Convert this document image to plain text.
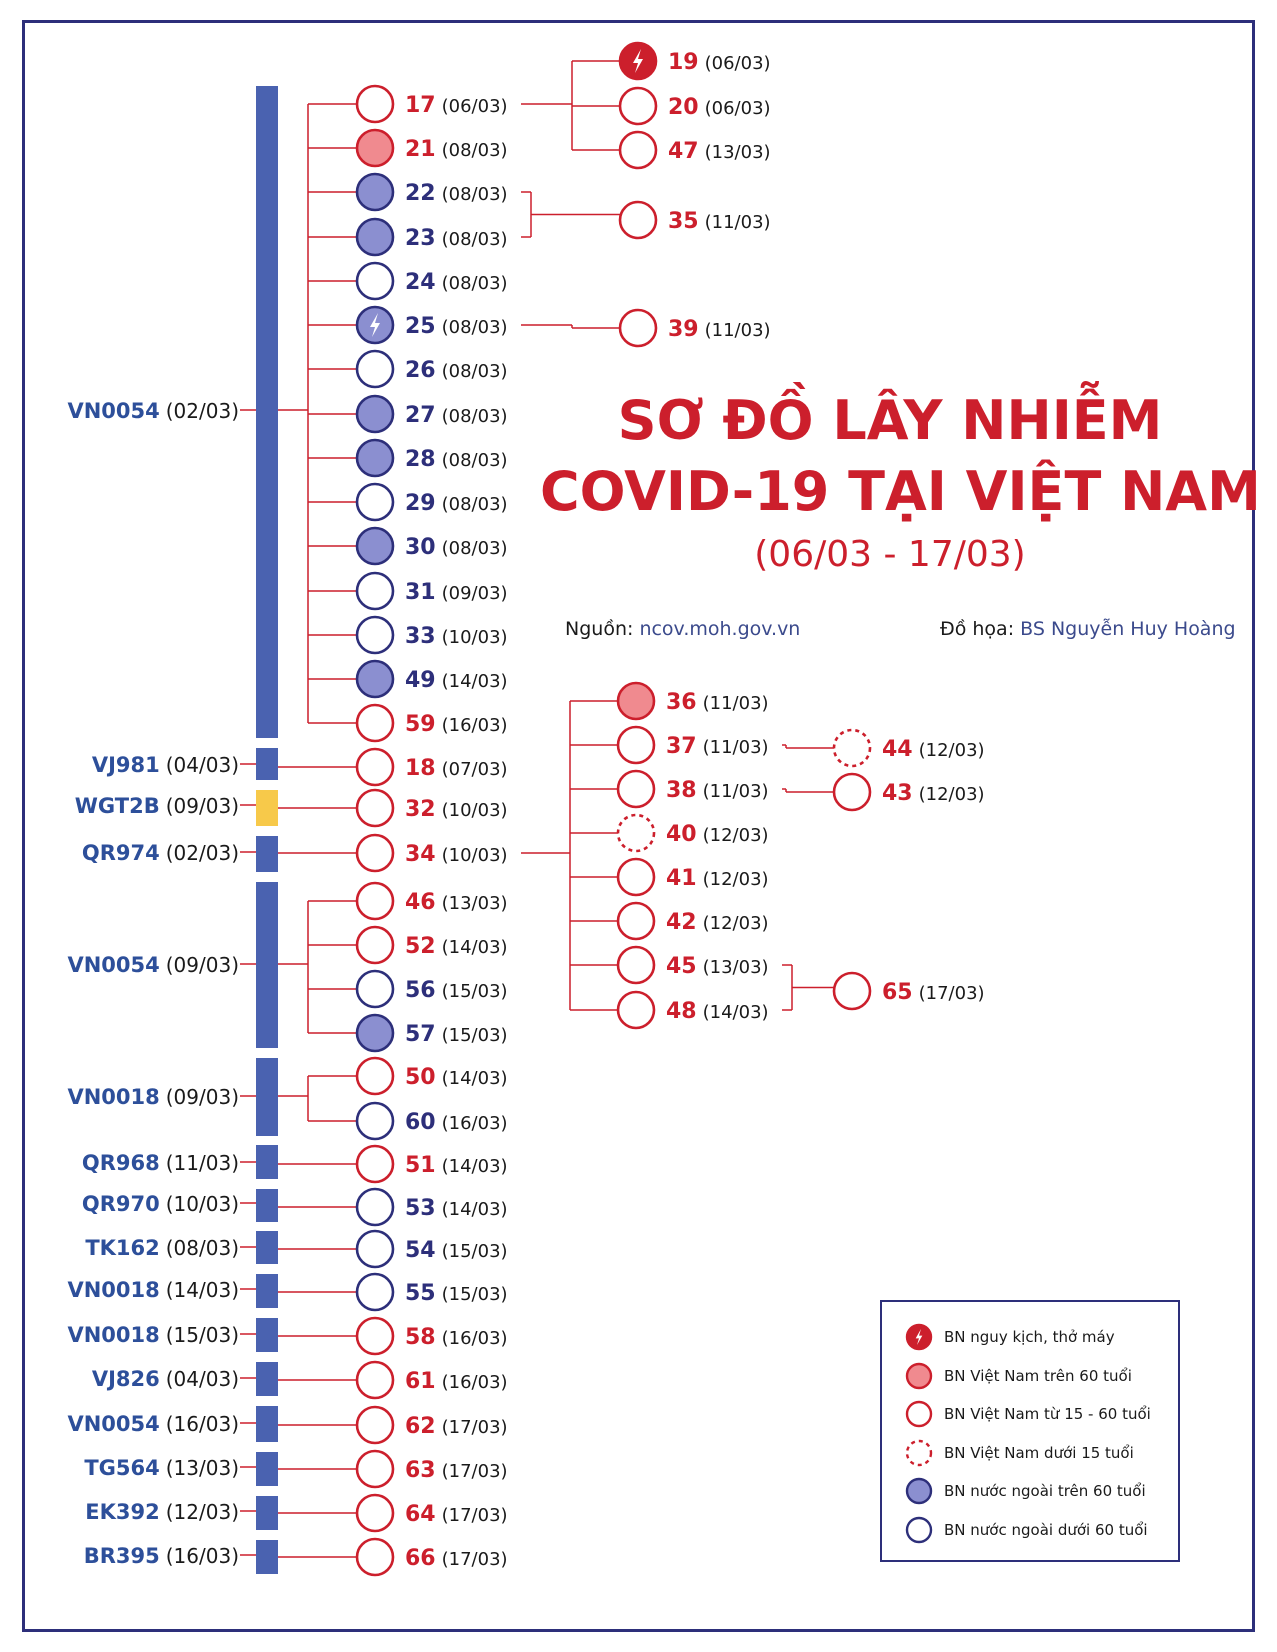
VN0054 (02/03)
VJ981 (04/03)
WGT2B (09/03)
QR974 (02/03)
VN0054 (09/03)
VN0018 (09/03)
QR968 (11/03)
QR970 (10/03)
TK162 (08/03)
VN0018 (14/03)
VN0018 (15/03)
VJ826 (04/03)
VN0054 (16/03)
TG564 (13/03)
EK392 (12/03)
BR395 (16/03)
17 (06/03)
21 (08/03)
22 (08/03)
23 (08/03)
24 (08/03)
25 (08/03)
26 (08/03)
27 (08/03)
28 (08/03)
29 (08/03)
30 (08/03)
31 (09/03)
33 (10/03)
49 (14/03)
59 (16/03)
18 (07/03)
32 (10/03)
34 (10/03)
46 (13/03)
52 (14/03)
56 (15/03)
57 (15/03)
50 (14/03)
60 (16/03)
51 (14/03)
53 (14/03)
54 (15/03)
55 (15/03)
58 (16/03)
61 (16/03)
62 (17/03)
63 (17/03)
64 (17/03)
66 (17/03)
19 (06/03)
20 (06/03)
47 (13/03)
35 (11/03)
39 (11/03)
36 (11/03)
37 (11/03)
38 (11/03)
40 (12/03)
41 (12/03)
42 (12/03)
45 (13/03)
48 (14/03)
44 (12/03)
43 (12/03)
65 (17/03)
SƠ ĐỒ LÂY NHIỄM
COVID-19 TẠI VIỆT NAM
(06/03 - 17/03)
Nguồn: ncov.moh.gov.vn	Đồ họa: BS Nguyễn Huy Hoàng
BN nguy kịch, thở máy
BN Việt Nam trên 60 tuổi
BN Việt Nam từ 15 - 60 tuổi
BN Việt Nam dưới 15 tuổi
BN nước ngoài trên 60 tuổi
BN nước ngoài dưới 60 tuổi
